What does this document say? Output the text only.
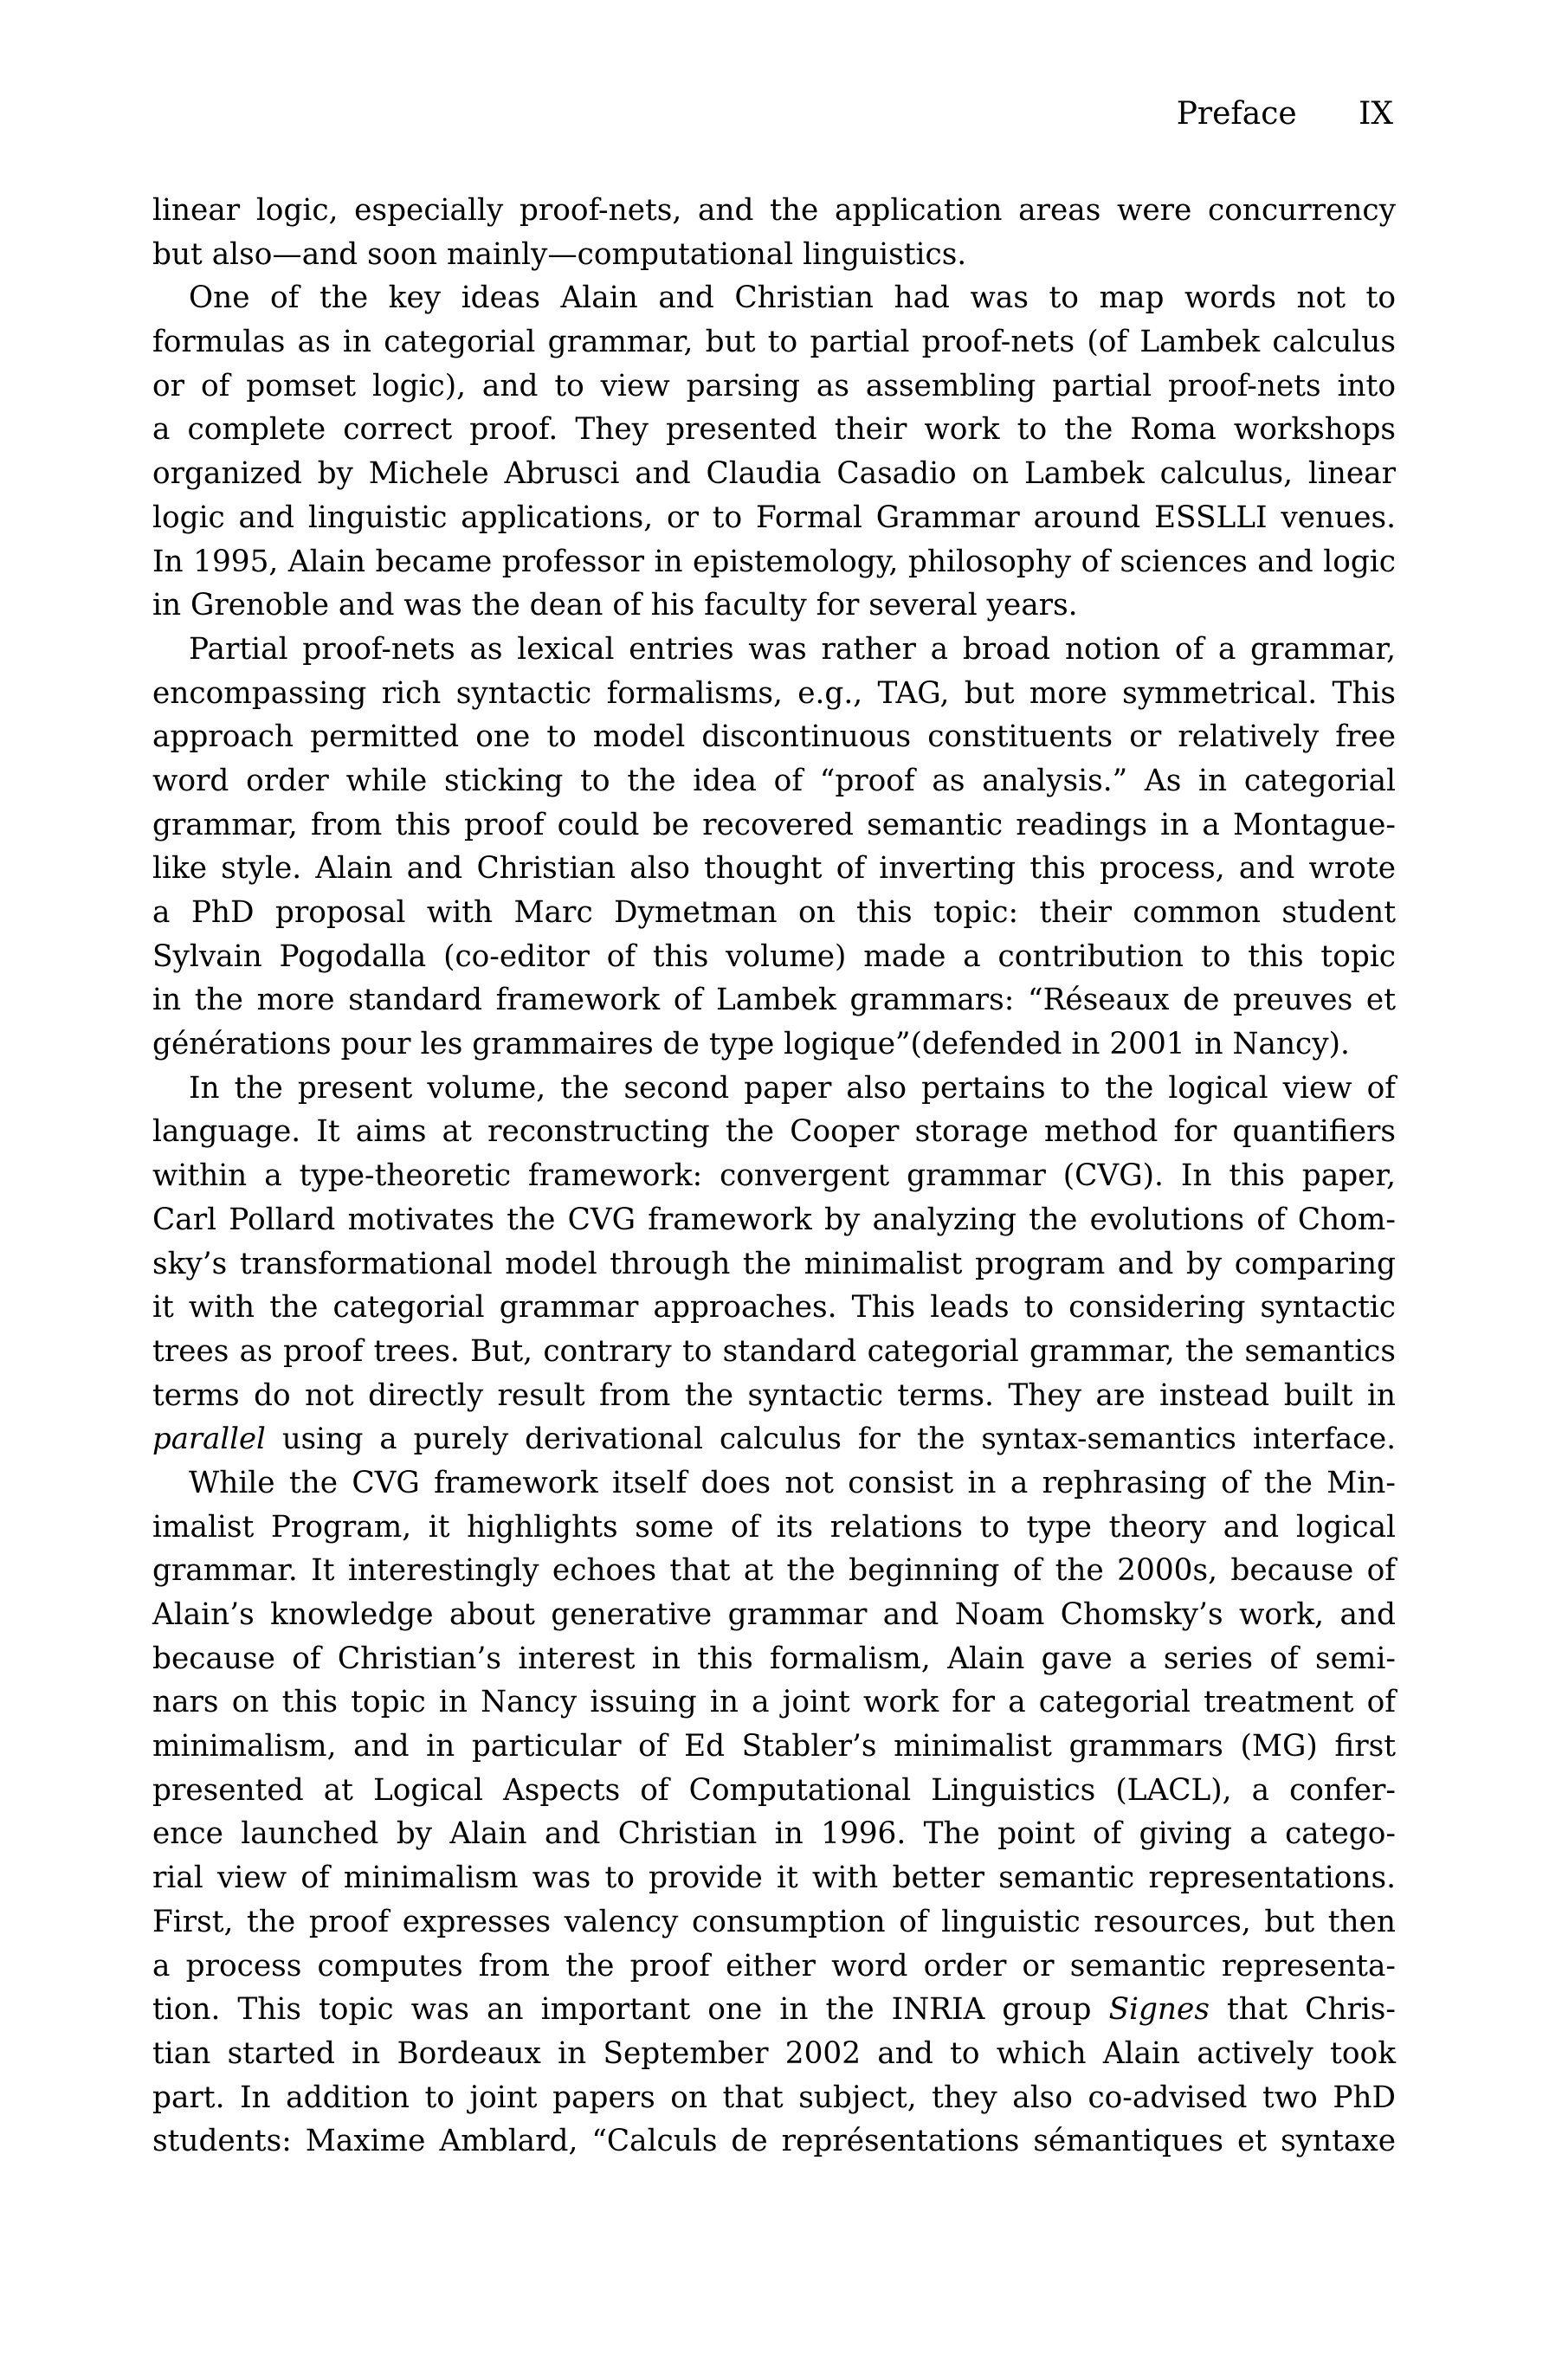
Preface IX
linear logic, especially proof-nets, and the application areas were concurrency
but also—and soon mainly—computational linguistics.
One of the key ideas Alain and Christian had was to map words not to
formulas as in categorial grammar, but to partial proof-nets (of Lambek calculus
or of pomset logic), and to view parsing as assembling partial proof-nets into
a complete correct proof. They presented their work to the Roma workshops
organized by Michele Abrusci and Claudia Casadio on Lambek calculus, linear
logic and linguistic applications, or to Formal Grammar around ESSLLI venues.
In 1995, Alain became professor in epistemology, philosophy of sciences and logic
in Grenoble and was the dean of his faculty for several years.
Partial proof-nets as lexical entries was rather a broad notion of a grammar,
encompassing rich syntactic formalisms, e.g., TAG, but more symmetrical. This
approach permitted one to model discontinuous constituents or relatively free
word order while sticking to the idea of “proof as analysis.” As in categorial
grammar, from this proof could be recovered semantic readings in a Montague-
like style. Alain and Christian also thought of inverting this process, and wrote
a PhD proposal with Marc Dymetman on this topic: their common student
Sylvain Pogodalla (co-editor of this volume) made a contribution to this topic
in the more standard framework of Lambek grammars: “Réseaux de preuves et
générations pour les grammaires de type logique”(defended in 2001 in Nancy).
In the present volume, the second paper also pertains to the logical view of
language. It aims at reconstructing the Cooper storage method for quantifiers
within a type-theoretic framework: convergent grammar (CVG). In this paper,
Carl Pollard motivates the CVG framework by analyzing the evolutions of Chom-
sky’s transformational model through the minimalist program and by comparing
it with the categorial grammar approaches. This leads to considering syntactic
trees as proof trees. But, contrary to standard categorial grammar, the semantics
terms do not directly result from the syntactic terms. They are instead built in
parallel using a purely derivational calculus for the syntax-semantics interface.
While the CVG framework itself does not consist in a rephrasing of the Min-
imalist Program, it highlights some of its relations to type theory and logical
grammar. It interestingly echoes that at the beginning of the 2000s, because of
Alain’s knowledge about generative grammar and Noam Chomsky’s work, and
because of Christian’s interest in this formalism, Alain gave a series of semi-
nars on this topic in Nancy issuing in a joint work for a categorial treatment of
minimalism, and in particular of Ed Stabler’s minimalist grammars (MG) first
presented at Logical Aspects of Computational Linguistics (LACL), a confer-
ence launched by Alain and Christian in 1996. The point of giving a catego-
rial view of minimalism was to provide it with better semantic representations.
First, the proof expresses valency consumption of linguistic resources, but then
a process computes from the proof either word order or semantic representa-
tion. This topic was an important one in the INRIA group Signes that Chris-
tian started in Bordeaux in September 2002 and to which Alain actively took
part. In addition to joint papers on that subject, they also co-advised two PhD
students: Maxime Amblard, “Calculs de représentations sémantiques et syntaxe
